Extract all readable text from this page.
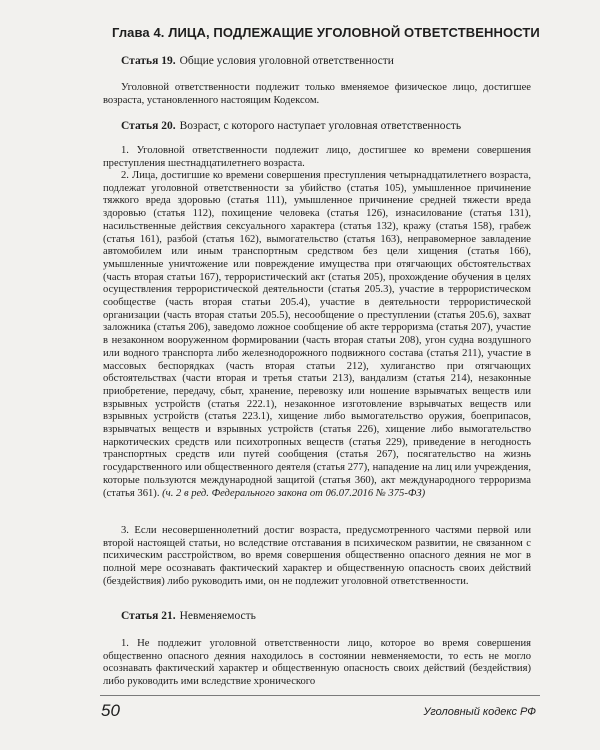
Глава 4. ЛИЦА, ПОДЛЕЖАЩИЕ УГОЛОВНОЙ ОТВЕТСТВЕННОСТИ
Статья 19. Общие условия уголовной ответственности

Уголовной ответственности подлежит только вменяемое физическое лицо, достигшее возраста, установленного настоящим Кодексом.

Статья 20. Возраст, с которого наступает уголовная ответственность

1. Уголовной ответственности подлежит лицо, достигшее ко времени совершения преступления шестнадцатилетнего возраста.

2. Лица, достигшие ко времени совершения преступления четырнадцатилетнего возраста, подлежат уголовной ответственности за убийство (статья 105), умышленное причинение тяжкого вреда здоровью (статья 111), умышленное причинение средней тяжести вреда здоровью (статья 112), похищение человека (статья 126), изнасилование (статья 131), насильственные действия сексуального характера (статья 132), кражу (статья 158), грабеж (статья 161), разбой (статья 162), вымогательство (статья 163), неправомерное завладение автомобилем или иным транспортным средством без цели хищения (статья 166), умышленные уничтожение или повреждение имущества при отягчающих обстоятельствах (часть вторая статьи 167), террористический акт (статья 205), прохождение обучения в целях осуществления террористической деятельности (статья 205.3), участие в террористическом сообществе (часть вторая статьи 205.4), участие в деятельности террористической организации (часть вторая статьи 205.5), несообщение о преступлении (статья 205.6), захват заложника (статья 206), заведомо ложное сообщение об акте терроризма (статья 207), участие в незаконном вооруженном формировании (часть вторая статьи 208), угон судна воздушного или водного транспорта либо железнодорожного подвижного состава (статья 211), участие в массовых беспорядках (часть вторая статьи 212), хулиганство при отягчающих обстоятельствах (части вторая и третья статьи 213), вандализм (статья 214), незаконные приобретение, передачу, сбыт, хранение, перевозку или ношение взрывчатых веществ или взрывных устройств (статья 222.1), незаконное изготовление взрывчатых веществ или взрывных устройств (статья 223.1), хищение либо вымогательство оружия, боеприпасов, взрывчатых веществ и взрывных устройств (статья 226), хищение либо вымогательство наркотических средств или психотропных веществ (статья 229), приведение в негодность транспортных средств или путей сообщения (статья 267), посягательство на жизнь государственного или общественного деятеля (статья 277), нападение на лиц или учреждения, которые пользуются международной защитой (статья 360), акт международного терроризма (статья 361). (ч. 2 в ред. Федерального закона от 06.07.2016 № 375-ФЗ)

3. Если несовершеннолетний достиг возраста, предусмотренного частями первой или второй настоящей статьи, но вследствие отставания в психическом развитии, не связанном с психическим расстройством, во время совершения общественно опасного деяния не мог в полной мере осознавать фактический характер и общественную опасность своих действий (бездействия) либо руководить ими, он не подлежит уголовной ответственности.

Статья 21. Невменяемость

1. Не подлежит уголовной ответственности лицо, которое во время совершения общественно опасного деяния находилось в состоянии невменяемости, то есть не могло осознавать фактический характер и общественную опасность своих действий (бездействия) либо руководить ими вследствие хронического

50	Уголовный кодекс РФ
